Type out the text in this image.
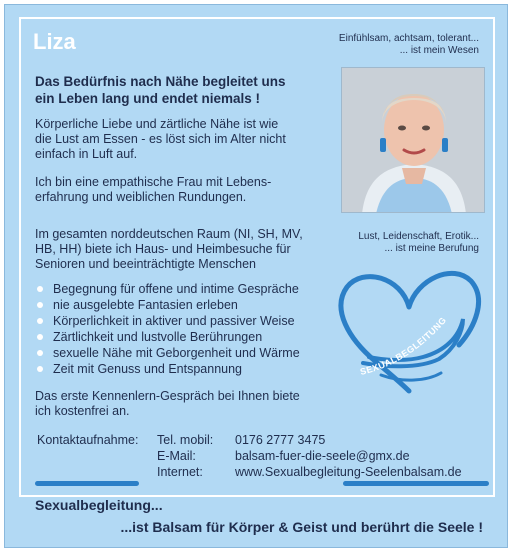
Liza	Einfühlsam, achtsam, tolerant...
... ist mein Wesen
Das Bedürfnis nach Nähe begleitet uns
ein Leben lang und endet niemals !
Körperliche Liebe und zärtliche Nähe ist wie
die Lust am Essen - es löst sich im Alter nicht
einfach in Luft auf.
Ich bin eine empathische Frau mit Lebens-
erfahrung und weiblichen Rundungen.
Im gesamten norddeutschen Raum (NI, SH, MV,
HB, HH) biete ich Haus- und Heimbesuche für
Senioren und beeinträchtigte Menschen
Lust, Leidenschaft, Erotik...
... ist meine Berufung
Begegnung für offene und intime Gespräche
nie ausgelebte Fantasien erleben
Körperlichkeit in aktiver und passiver Weise
Zärtlichkeit und lustvolle Berührungen
sexuelle Nähe mit Geborgenheit und Wärme
Zeit mit Genuss und Entspannung	SEXUALBEGLEITUNG
Das erste Kennenlern-Gespräch bei Ihnen biete
ich kostenfrei an.
Kontaktaufnahme:	Tel. mobil:	0176 2777 3475
	E-Mail:	balsam-fuer-die-seele@gmx.de
	Internet:	www.Sexualbegleitung-Seelenbalsam.de
Sexualbegleitung...
...ist Balsam für Körper & Geist und berührt die Seele !
